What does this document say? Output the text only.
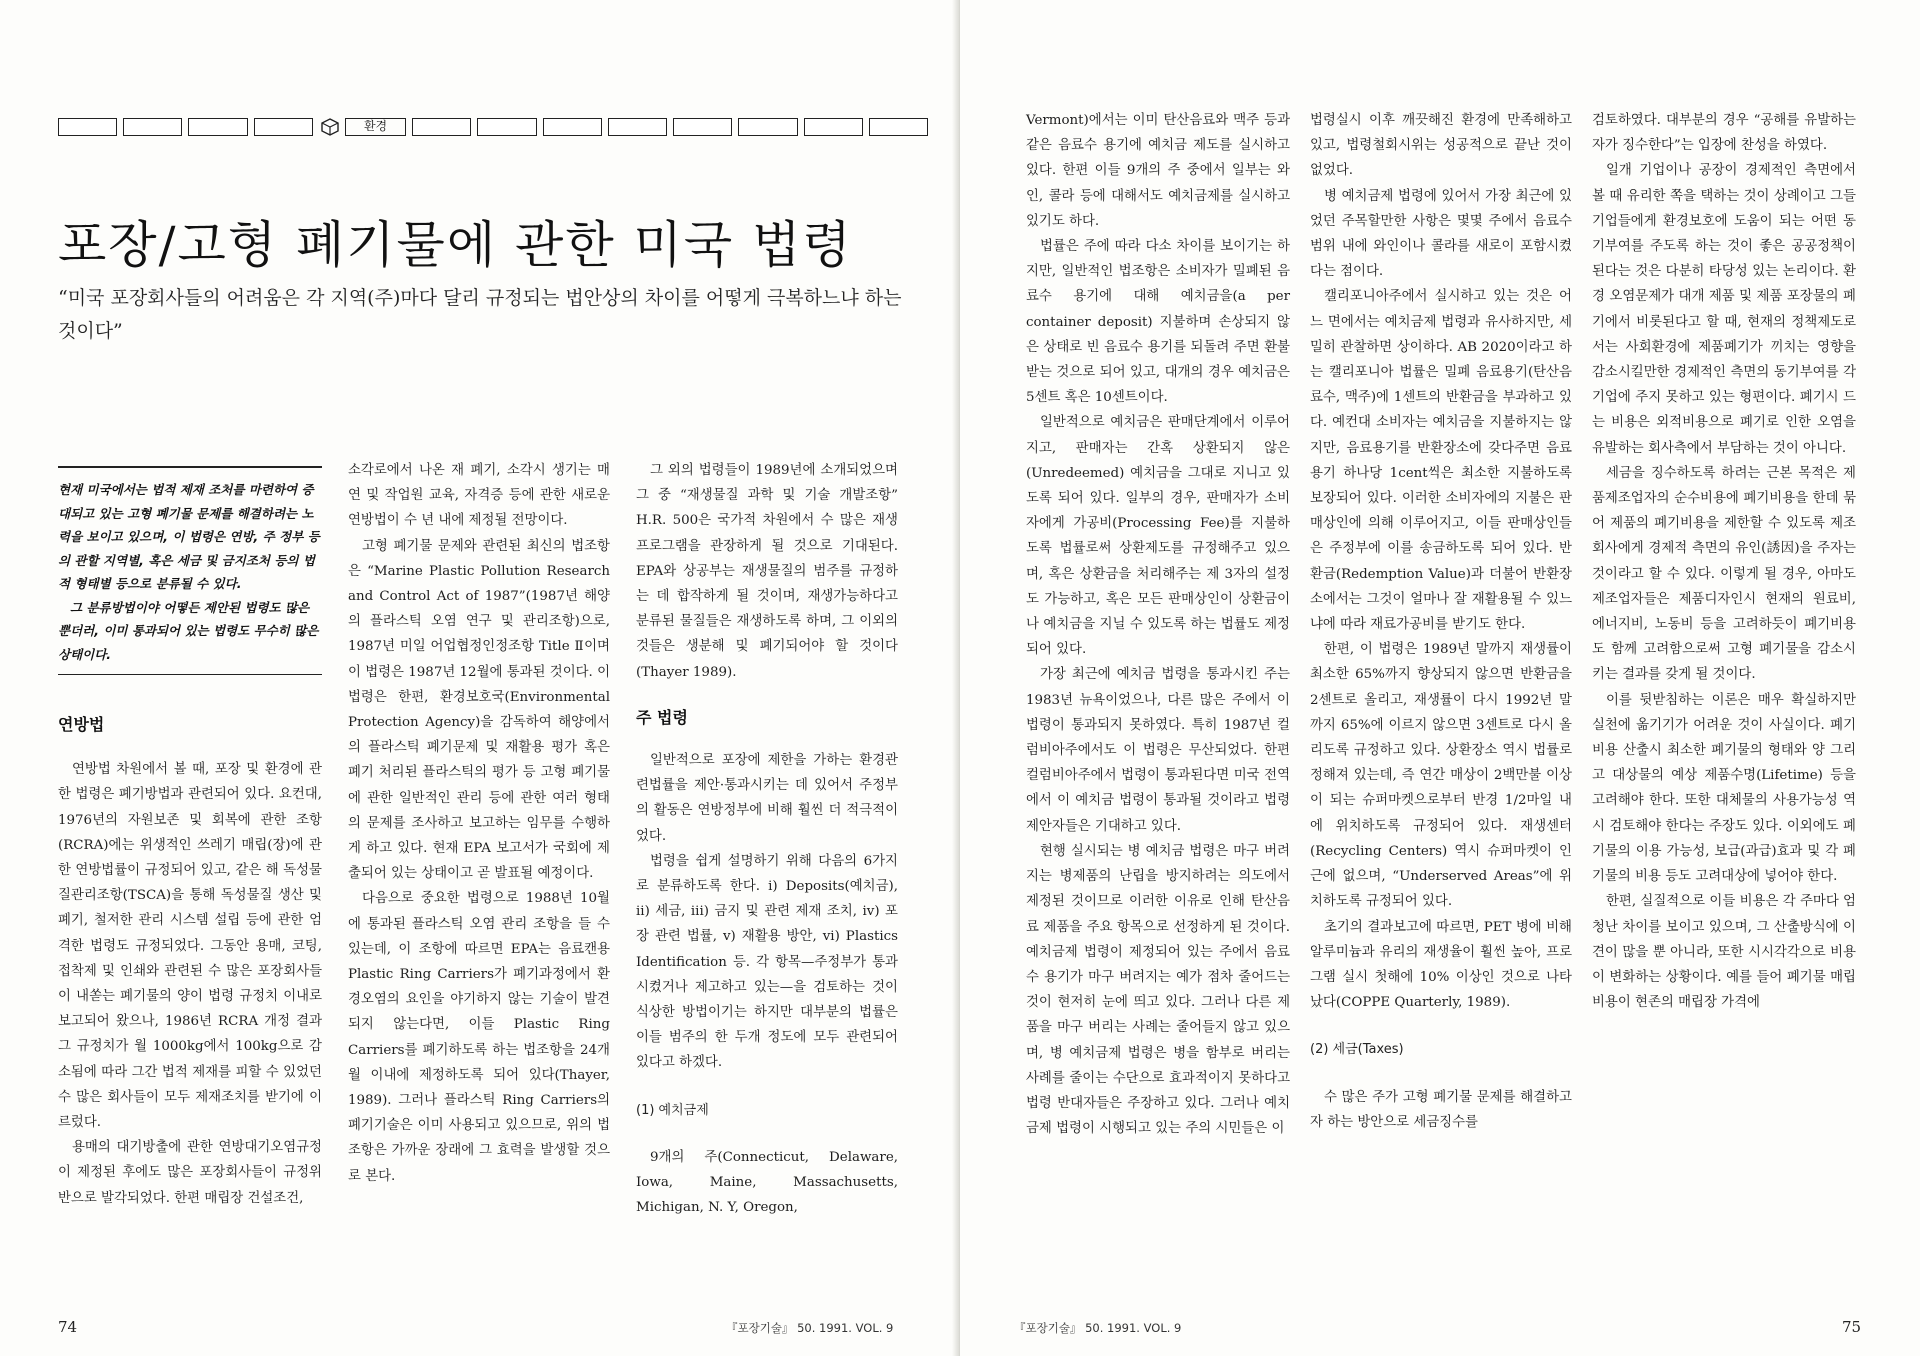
환경
포장/고형 폐기물에 관한 미국 법령

“미국 포장회사들의 어려움은 각 지역(주)마다 달리 규정되는 법안상의 차이를 어떻게 극복하느냐 하는 것이다”

현재 미국에서는 법적 제재 조처를 마련하여 증대되고 있는 고형 폐기물 문제를 해결하려는 노력을 보이고 있으며, 이 법령은 연방, 주 정부 등의 관할 지역별, 혹은 세금 및 금지조처 등의 법적 형태별 등으로 분류될 수 있다.

그 분류방법이야 어떻든 제안된 법령도 많은 뿐더러, 이미 통과되어 있는 법령도 무수히 많은 상태이다.

연방법

연방법 차원에서 볼 때, 포장 및 환경에 관한 법령은 폐기방법과 관련되어 있다. 요컨대, 1976년의 자원보존 및 회복에 관한 조항(RCRA)에는 위생적인 쓰레기 매립(장)에 관한 연방법률이 규정되어 있고, 같은 해 독성물질관리조항(TSCA)을 통해 독성물질 생산 및 폐기, 철저한 관리 시스템 설립 등에 관한 엄격한 법령도 규정되었다. 그동안 용매, 코팅, 접착제 및 인쇄와 관련된 수 많은 포장회사들이 내쏟는 폐기물의 양이 법령 규정치 이내로 보고되어 왔으나, 1986년 RCRA 개정 결과 그 규정치가 월 1000kg에서 100kg으로 감소됨에 따라 그간 법적 제재를 피할 수 있었던 수 많은 회사들이 모두 제재조치를 받기에 이르렀다.

용매의 대기방출에 관한 연방대기오염규정이 제정된 후에도 많은 포장회사들이 규정위반으로 발각되었다. 한편 매립장 건설조건,

소각로에서 나온 재 폐기, 소각시 생기는 매연 및 작업원 교육, 자격증 등에 관한 새로운 연방법이 수 년 내에 제정될 전망이다.

고형 폐기물 문제와 관련된 최신의 법조항은 “Marine Plastic Pollution Research and Control Act of 1987”(1987년 해양의 플라스틱 오염 연구 및 관리조항)으로, 1987년 미일 어업협정인정조항 Title Ⅱ이며 이 법령은 1987년 12월에 통과된 것이다. 이 법령은 한편, 환경보호국(Environmental Protection Agency)을 감독하여 해양에서의 플라스틱 폐기문제 및 재활용 평가 혹은 폐기 처리된 플라스틱의 평가 등 고형 폐기물에 관한 일반적인 관리 등에 관한 여러 형태의 문제를 조사하고 보고하는 임무를 수행하게 하고 있다. 현재 EPA 보고서가 국회에 제출되어 있는 상태이고 곧 발표될 예정이다.

다음으로 중요한 법령으로 1988년 10월에 통과된 플라스틱 오염 관리 조항을 들 수 있는데, 이 조항에 따르면 EPA는 음료캔용 Plastic Ring Carriers가 폐기과정에서 환경오염의 요인을 야기하지 않는 기술이 발견되지 않는다면, 이들 Plastic Ring Carriers를 폐기하도록 하는 법조항을 24개월 이내에 제정하도록 되어 있다(Thayer, 1989). 그러나 플라스틱 Ring Carriers의 폐기기술은 이미 사용되고 있으므로, 위의 법조항은 가까운 장래에 그 효력을 발생할 것으로 본다.

그 외의 법령들이 1989년에 소개되었으며 그 중 “재생물질 과학 및 기술 개발조항” H.R. 500은 국가적 차원에서 수 많은 재생 프로그램을 관장하게 될 것으로 기대된다. EPA와 상공부는 재생물질의 범주를 규정하는 데 합작하게 될 것이며, 재생가능하다고 분류된 물질들은 재생하도록 하며, 그 이외의 것들은 생분해 및 폐기되어야 할 것이다(Thayer 1989).

주 법령

일반적으로 포장에 제한을 가하는 환경관련법률을 제안·통과시키는 데 있어서 주정부의 활동은 연방정부에 비해 훨씬 더 적극적이었다.

법령을 쉽게 설명하기 위해 다음의 6가지로 분류하도록 한다. i) Deposits(예치금), ii) 세금, iii) 금지 및 관련 제재 조치, iv) 포장 관련 법률, v) 재활용 방안, vi) Plastics Identification 등. 각 항목—주정부가 통과시켰거나 제고하고 있는—을 검토하는 것이 식상한 방법이기는 하지만 대부분의 법률은 이들 범주의 한 두개 정도에 모두 관련되어 있다고 하겠다.

(1) 예치금제

9개의 주(Connecticut, Delaware, Iowa, Maine, Massachusetts, Michigan, N. Y, Oregon,

74	『포장기술』 50. 1991. VOL. 9

Vermont)에서는 이미 탄산음료와 맥주 등과 같은 음료수 용기에 예치금 제도를 실시하고 있다. 한편 이들 9개의 주 중에서 일부는 와인, 콜라 등에 대해서도 예치금제를 실시하고 있기도 하다.

법률은 주에 따라 다소 차이를 보이기는 하지만, 일반적인 법조항은 소비자가 밀폐된 음료수 용기에 대해 예치금을(a per container deposit) 지불하며 손상되지 않은 상태로 빈 음료수 용기를 되돌려 주면 환불받는 것으로 되어 있고, 대개의 경우 예치금은 5센트 혹은 10센트이다.

일반적으로 예치금은 판매단계에서 이루어지고, 판매자는 간혹 상환되지 않은(Unredeemed) 예치금을 그대로 지니고 있도록 되어 있다. 일부의 경우, 판매자가 소비자에게 가공비(Processing Fee)를 지불하도록 법률로써 상환제도를 규정해주고 있으며, 혹은 상환금을 처리해주는 제 3자의 설정도 가능하고, 혹은 모든 판매상인이 상환금이나 예치금을 지닐 수 있도록 하는 법률도 제정되어 있다.

가장 최근에 예치금 법령을 통과시킨 주는 1983년 뉴욕이었으나, 다른 많은 주에서 이 법령이 통과되지 못하였다. 특히 1987년 컬럼비아주에서도 이 법령은 무산되었다. 한편 컬럼비아주에서 법령이 통과된다면 미국 전역에서 이 예치금 법령이 통과될 것이라고 법령 제안자들은 기대하고 있다.

현행 실시되는 병 예치금 법령은 마구 버려지는 병제품의 난립을 방지하려는 의도에서 제정된 것이므로 이러한 이유로 인해 탄산음료 제품을 주요 항목으로 선정하게 된 것이다. 예치금제 법령이 제정되어 있는 주에서 음료수 용기가 마구 버려지는 예가 점차 줄어드는 것이 현저히 눈에 띄고 있다. 그러나 다른 제품을 마구 버리는 사례는 줄어들지 않고 있으며, 병 예치금제 법령은 병을 함부로 버리는 사례를 줄이는 수단으로 효과적이지 못하다고 법령 반대자들은 주장하고 있다. 그러나 예치금제 법령이 시행되고 있는 주의 시민들은 이

법령실시 이후 깨끗해진 환경에 만족해하고 있고, 법령철회시위는 성공적으로 끝난 것이 없었다.

병 예치금제 법령에 있어서 가장 최근에 있었던 주목할만한 사항은 몇몇 주에서 음료수 범위 내에 와인이나 콜라를 새로이 포함시켰다는 점이다.

캘리포니아주에서 실시하고 있는 것은 어느 면에서는 예치금제 법령과 유사하지만, 세밀히 관찰하면 상이하다. AB 2020이라고 하는 캘리포니아 법률은 밀폐 음료용기(탄산음료수, 맥주)에 1센트의 반환금을 부과하고 있다. 예컨대 소비자는 예치금을 지불하지는 않지만, 음료용기를 반환장소에 갖다주면 음료용기 하나당 1cent씩은 최소한 지불하도록 보장되어 있다. 이러한 소비자에의 지불은 판매상인에 의해 이루어지고, 이들 판매상인들은 주정부에 이를 송금하도록 되어 있다. 반환금(Redemption Value)과 더불어 반환장소에서는 그것이 얼마나 잘 재활용될 수 있느냐에 따라 재료가공비를 받기도 한다.

한편, 이 법령은 1989년 말까지 재생률이 최소한 65%까지 향상되지 않으면 반환금을 2센트로 올리고, 재생률이 다시 1992년 말까지 65%에 이르지 않으면 3센트로 다시 올리도록 규정하고 있다. 상환장소 역시 법률로 정해져 있는데, 즉 연간 매상이 2백만불 이상이 되는 슈퍼마켓으로부터 반경 1/2마일 내에 위치하도록 규정되어 있다. 재생센터(Recycling Centers) 역시 슈퍼마켓이 인근에 없으며, “Underserved Areas”에 위치하도록 규정되어 있다.

초기의 결과보고에 따르면, PET 병에 비해 알루미늄과 유리의 재생율이 훨씬 높아, 프로그램 실시 첫해에 10% 이상인 것으로 나타났다(COPPE Quarterly, 1989).

(2) 세금(Taxes)

수 많은 주가 고형 폐기물 문제를 해결하고자 하는 방안으로 세금징수를

검토하였다. 대부분의 경우 “공해를 유발하는 자가 징수한다”는 입장에 찬성을 하였다.

일개 기업이나 공장이 경제적인 측면에서 볼 때 유리한 쪽을 택하는 것이 상례이고 그들 기업들에게 환경보호에 도움이 되는 어떤 동기부여를 주도록 하는 것이 좋은 공공정책이 된다는 것은 다분히 타당성 있는 논리이다. 환경 오염문제가 대개 제품 및 제품 포장물의 폐기에서 비롯된다고 할 때, 현재의 정책제도로서는 사회환경에 제품폐기가 끼치는 영향을 감소시킬만한 경제적인 측면의 동기부여를 각 기업에 주지 못하고 있는 형편이다. 폐기시 드는 비용은 외적비용으로 폐기로 인한 오염을 유발하는 회사측에서 부담하는 것이 아니다.

세금을 징수하도록 하려는 근본 목적은 제품제조업자의 순수비용에 폐기비용을 한데 묶어 제품의 폐기비용을 제한할 수 있도록 제조회사에게 경제적 측면의 유인(誘因)을 주자는 것이라고 할 수 있다. 이렇게 될 경우, 아마도 제조업자들은 제품디자인시 현재의 원료비, 에너지비, 노동비 등을 고려하듯이 폐기비용도 함께 고려함으로써 고형 폐기물을 감소시키는 결과를 갖게 될 것이다.

이를 뒷받침하는 이론은 매우 확실하지만 실천에 옮기기가 어려운 것이 사실이다. 폐기비용 산출시 최소한 폐기물의 형태와 양 그리고 대상물의 예상 제품수명(Lifetime) 등을 고려해야 한다. 또한 대체물의 사용가능성 역시 검토해야 한다는 주장도 있다. 이외에도 폐기물의 이용 가능성, 보급(과급)효과 및 각 폐기물의 비용 등도 고려대상에 넣어야 한다.

한편, 실질적으로 이들 비용은 각 주마다 엄청난 차이를 보이고 있으며, 그 산출방식에 이견이 많을 뿐 아니라, 또한 시시각각으로 비용이 변화하는 상황이다. 예를 들어 폐기물 매립비용이 현존의 매립장 가격에

『포장기술』 50. 1991. VOL. 9	75
